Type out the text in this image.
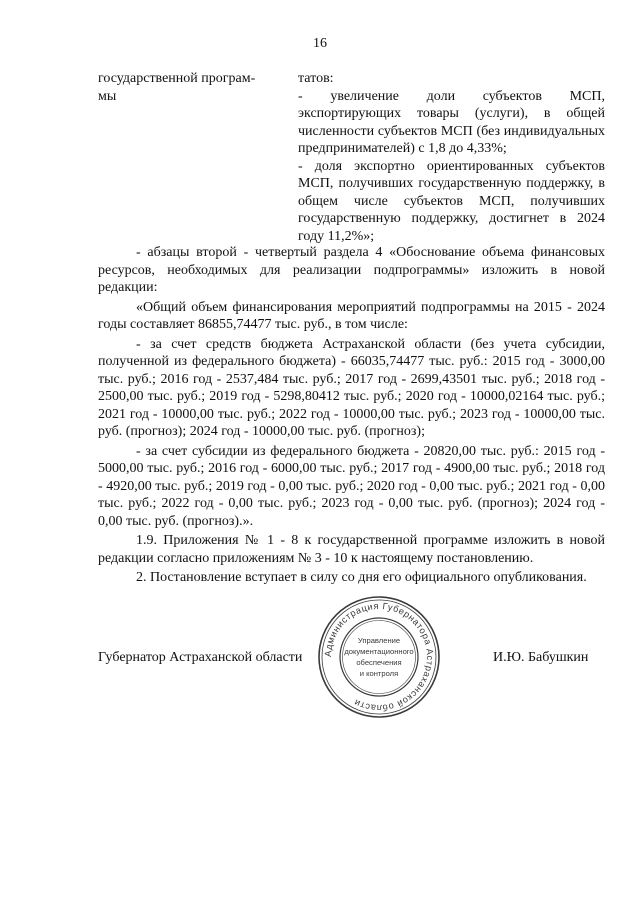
16
государственной програм-
мы

татов:

- увеличение доли субъектов МСП, экспортирующих товары (услуги), в общей численности субъектов МСП (без индивидуальных предпринимателей) с 1,8 до 4,33%;

- доля экспортно ориентированных субъектов МСП, получивших государственную поддержку, в общем числе субъектов МСП, получивших государственную поддержку, достигнет в 2024 году 11,2%»;

- абзацы второй - четвертый раздела 4 «Обоснование объема финансовых ресурсов, необходимых для реализации подпрограммы» изложить в новой редакции:

«Общий объем финансирования мероприятий подпрограммы на 2015 - 2024 годы составляет 86855,74477 тыс. руб., в том числе:

- за счет средств бюджета Астраханской области (без учета субсидии, полученной из федерального бюджета) - 66035,74477 тыс. руб.: 2015 год - 3000,00 тыс. руб.; 2016 год - 2537,484 тыс. руб.; 2017 год - 2699,43501 тыс. руб.; 2018 год - 2500,00 тыс. руб.; 2019 год - 5298,80412 тыс. руб.; 2020 год - 10000,02164 тыс. руб.; 2021 год - 10000,00 тыс. руб.; 2022 год - 10000,00 тыс. руб.; 2023 год - 10000,00 тыс. руб. (прогноз); 2024 год - 10000,00 тыс. руб. (прогноз);

- за счет субсидии из федерального бюджета - 20820,00 тыс. руб.: 2015 год - 5000,00 тыс. руб.; 2016 год - 6000,00 тыс. руб.; 2017 год - 4900,00 тыс. руб.; 2018 год - 4920,00 тыс. руб.; 2019 год - 0,00 тыс. руб.; 2020 год - 0,00 тыс. руб.; 2021 год - 0,00 тыс. руб.; 2022 год - 0,00 тыс. руб.; 2023 год - 0,00 тыс. руб. (прогноз); 2024 год - 0,00 тыс. руб. (прогноз).».

1.9. Приложения № 1 - 8 к государственной программе изложить в новой редакции согласно приложениям № 3 - 10 к настоящему постановлению.

2. Постановление вступает в силу со дня его официального опубликования.

Губернатор Астраханской области	И.Ю. Бабушкин
Администрация Губернатора Астраханской области
Управление
документационного
обеспечения
и контроля
